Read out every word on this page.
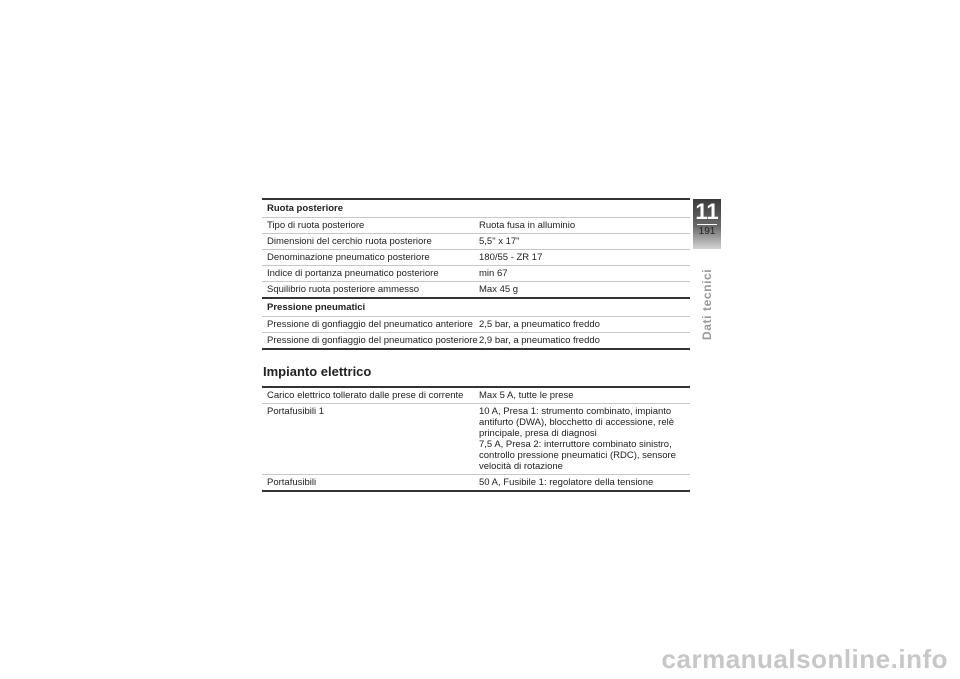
Ruota posteriore
Tipo di ruota posteriore	Ruota fusa in alluminio
Dimensioni del cerchio ruota posteriore	5,5" x 17"
Denominazione pneumatico posteriore	180/55 - ZR 17
Indice di portanza pneumatico posteriore	min 67
Squilibrio ruota posteriore ammesso	Max 45 g
Pressione pneumatici
Pressione di gonfiaggio del pneumatico anteriore 2,5 bar, a pneumatico freddo
Pressione di gonfiaggio del pneumatico posteriore 2,9 bar, a pneumatico freddo
Impianto elettrico
Carico elettrico tollerato dalle prese di corrente	Max 5 A, tutte le prese
Portafusibili 1	10 A, Presa 1: strumento combinato, impianto antifurto (DWA), blocchetto di accessione, relè principale, presa di diagnosi
7,5 A, Presa 2: interruttore combinato sinistro, controllo pressione pneumatici (RDC), sensore velocità di rotazione
Portafusibili	50 A, Fusibile 1: regolatore della tensione
11
191
Dati tecnici
carmanualsonline.info
